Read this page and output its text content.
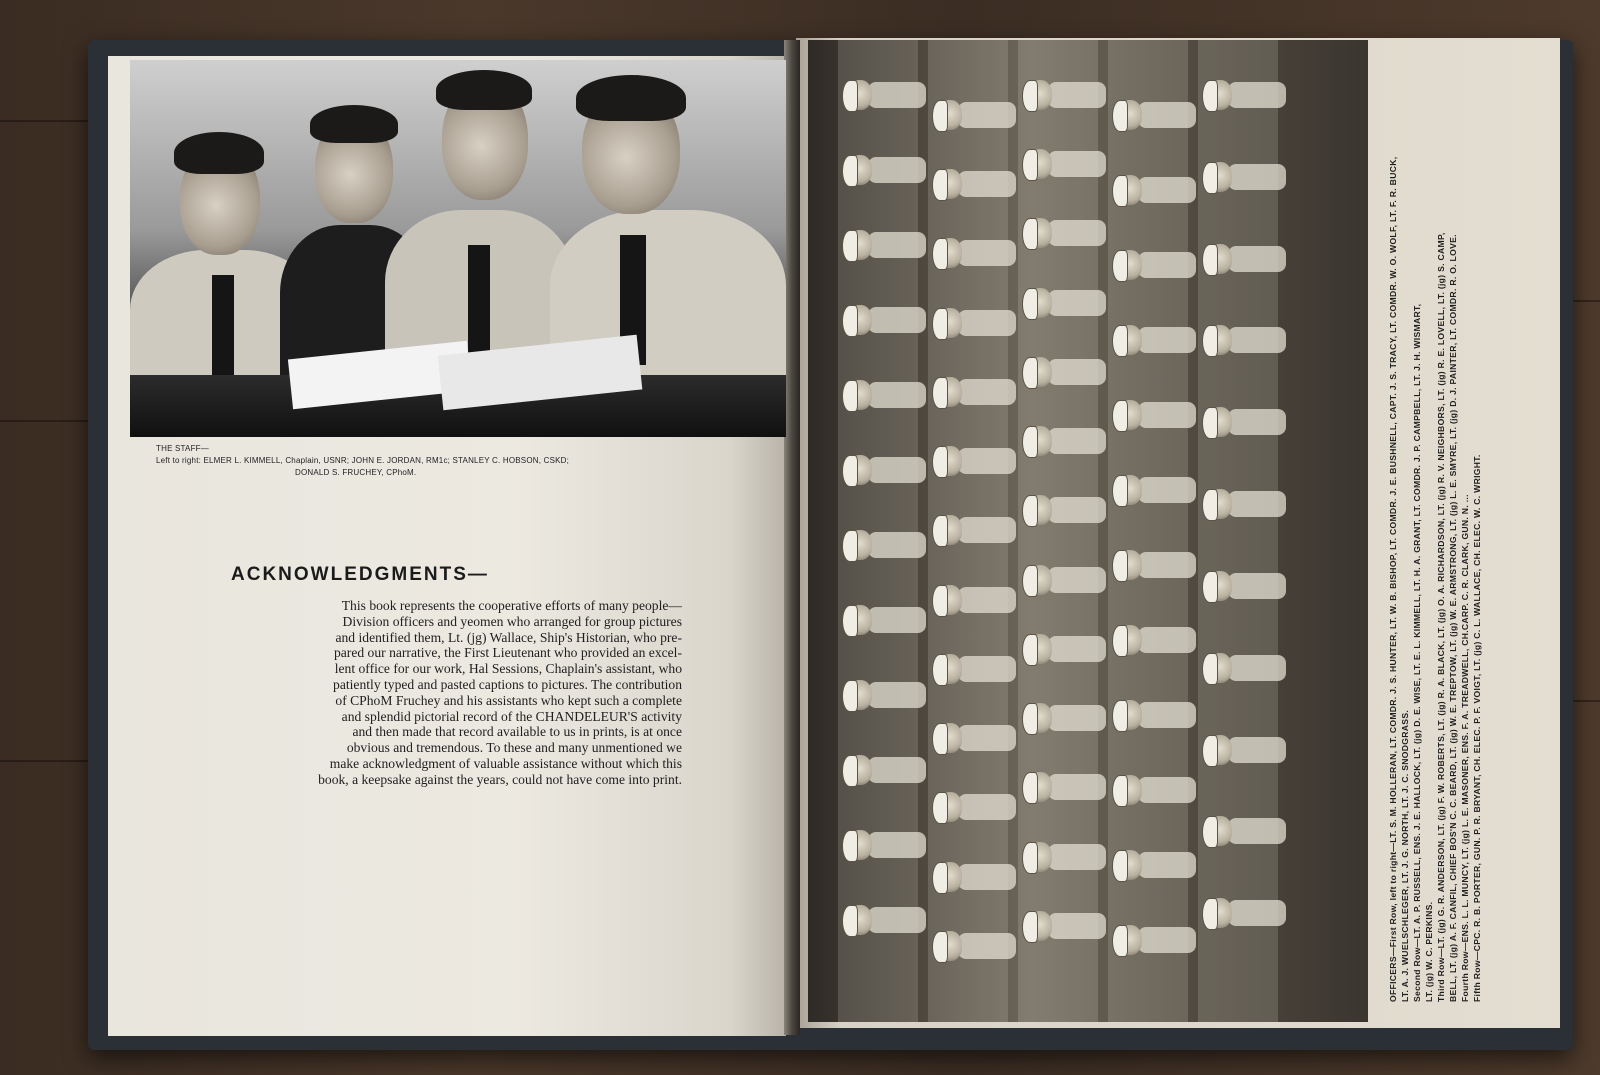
THE STAFF—
Left to right: ELMER L. KIMMELL, Chaplain, USNR; JOHN E. JORDAN, RM1c; STANLEY C. HOBSON, CSKD;
DONALD S. FRUCHEY, CPhoM.
ACKNOWLEDGMENTS—
This book represents the cooperative efforts of many people—
Division officers and yeomen who arranged for group pictures
and identified them, Lt. (jg) Wallace, Ship's Historian, who pre-
pared our narrative, the First Lieutenant who provided an excel-
lent office for our work, Hal Sessions, Chaplain's assistant, who
patiently typed and pasted captions to pictures. The contribution
of CPhoM Fruchey and his assistants who kept such a complete
and splendid pictorial record of the CHANDELEUR'S activity
and then made that record available to us in prints, is at once
obvious and tremendous. To these and many unmentioned we
make acknowledgment of valuable assistance without which this
book, a keepsake against the years, could not have come into print.	OFFICERS—First Row, left to right—LT. S. M. HOLLERAN, LT. COMDR. J. S. HUNTER, LT. W. B. BISHOP, LT. COMDR. J. E. BUSHNELL, CAPT. J. S. TRACY, LT. COMDR. W. O. WOLF, LT. F. R. BUCK, LT. A. J. WUELSCHLEGER, LT. J. G. NORTH, LT. J. C. SNODGRASS. Second Row—LT. A. P. RUSSELL, ENS. J. E. HALLOCK, LT. (jg) D. E. WISE, LT. E. L. KIMMELL, LT. H. A. GRANT, LT. COMDR. J. P. CAMPBELL, LT. J. H. WISMART, LT. (jg) W. C. PERKINS. Third Row—LT. (jg) G. R. ANDERSON, LT. (jg) F. W. ROBERTS, LT. (jg) R. A. BLACK, LT. (jg) O. A. RICHARDSON, LT. (jg) R. V. NEIGHBORS, LT. (jg) R. E. LOVELL, LT. (jg) S. CAMP, BELL, LT. (jg) A. F. CANFIL, CHIEF BOS'N C. C. BEARD, LT. (jg) W. E. TREPTOW, LT. (jg) W. E. ARMSTRONG, LT. (jg) L. E. SMYRE, LT. (jg) D. J. PAINTER, LT. COMDR. R. O. LOVE. Fourth Row—ENS. L. L. MUNCY, LT. (jg) L. E. MASONER, ENS. F. A. TREADWELL, CH.CARP. C. R. CLARK, GUN. N. ... Fifth Row—CPC. R. B. PORTER, GUN. P. R. BRYANT, CH. ELEC. P. F. VOIGT, LT. (jg) C. L. WALLACE, CH. ELEC. W. C. WRIGHT.
